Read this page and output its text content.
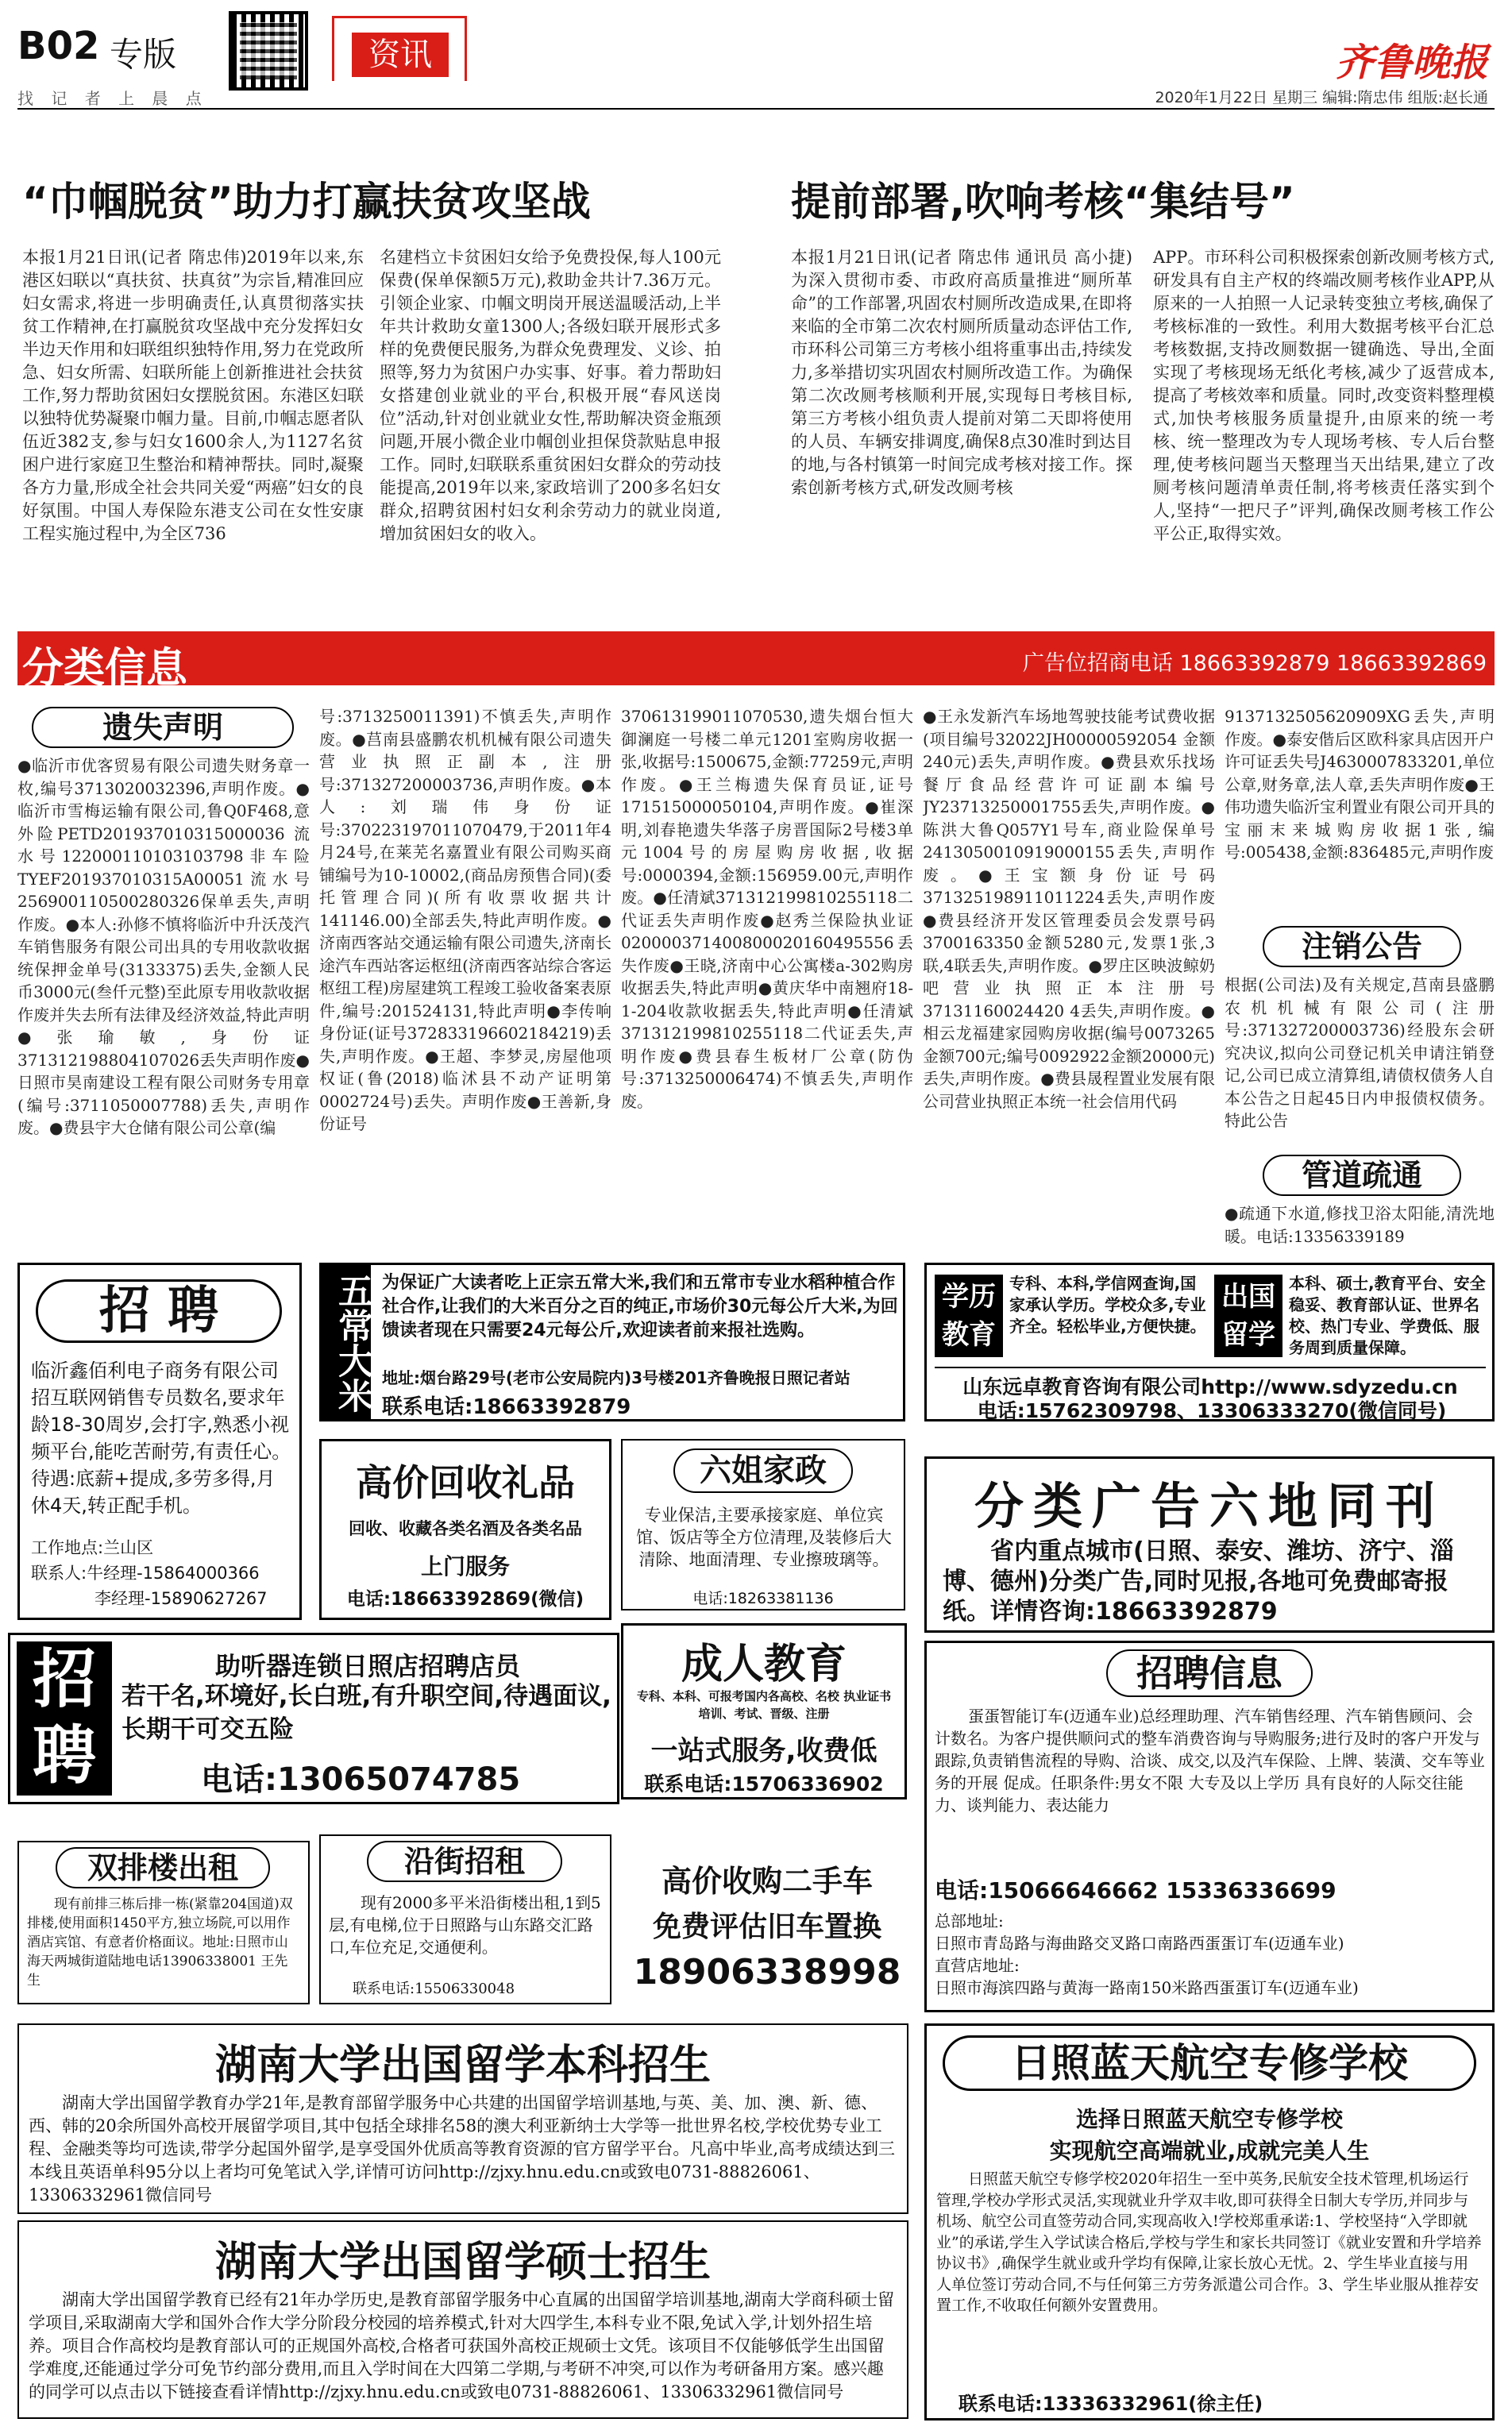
B02 专版
找 记 者 上 晨 点
资讯	齐鲁晚报
2020年1月22日 星期三 编辑:隋忠伟 组版:赵长通
“巾帼脱贫”助力打赢扶贫攻坚战
本报1月21日讯(记者 隋忠伟)2019年以来,东港区妇联以“真扶贫、扶真贫”为宗旨,精准回应妇女需求,将进一步明确责任,认真贯彻落实扶贫工作精神,在打赢脱贫攻坚战中充分发挥妇女半边天作用和妇联组织独特作用,努力在党政所急、妇女所需、妇联所能上创新推进社会扶贫工作,努力帮助贫困妇女摆脱贫困。东港区妇联以独特优势凝聚巾帼力量。目前,巾帼志愿者队伍近382支,参与妇女1600余人,为1127名贫困户进行家庭卫生整治和精神帮扶。同时,凝聚各方力量,形成全社会共同关爱“两癌”妇女的良好氛围。中国人寿保险东港支公司在女性安康工程实施过程中,为全区736
名建档立卡贫困妇女给予免费投保,每人100元保费(保单保额5万元),救助金共计7.36万元。引领企业家、巾帼文明岗开展送温暖活动,上半年共计救助女童1300人;各级妇联开展形式多样的免费便民服务,为群众免费理发、义诊、拍照等,努力为贫困户办实事、好事。着力帮助妇女搭建创业就业的平台,积极开展“春风送岗位”活动,针对创业就业女性,帮助解决资金瓶颈问题,开展小微企业巾帼创业担保贷款贴息申报工作。同时,妇联联系重贫困妇女群众的劳动技能提高,2019年以来,家政培训了200多名妇女群众,招聘贫困村妇女利余劳动力的就业岗道,增加贫困妇女的收入。
提前部署,吹响考核“集结号”
本报1月21日讯(记者 隋忠伟 通讯员 高小捷)为深入贯彻市委、市政府高质量推进“厕所革命”的工作部署,巩固农村厕所改造成果,在即将来临的全市第二次农村厕所质量动态评估工作,市环科公司第三方考核小组将重事出击,持续发力,多举措切实巩固农村厕所改造工作。为确保第二次改厕考核顺利开展,实现每日考核目标,第三方考核小组负责人提前对第二天即将使用的人员、车辆安排调度,确保8点30准时到达目的地,与各村镇第一时间完成考核对接工作。探索创新考核方式,研发改厕考核
APP。市环科公司积极探索创新改厕考核方式,研发具有自主产权的终端改厕考核作业APP,从原来的一人拍照一人记录转变独立考核,确保了考核标准的一致性。利用大数据考核平台汇总考核数据,支持改厕数据一键确选、导出,全面实现了考核现场无纸化考核,减少了返营成本,提高了考核效率和质量。同时,改变资料整理模式,加快考核服务质量提升,由原来的统一考核、统一整理改为专人现场考核、专人后台整理,使考核问题当天整理当天出结果,建立了改厕考核问题清单责任制,将考核责任落实到个人,坚持“一把尺子”评判,确保改厕考核工作公平公正,取得实效。
分类信息	广告位招商电话 18663392879 18663392869
遗失声明
●临沂市优客贸易有限公司遗失财务章一枚,编号3713020032396,声明作废。●临沂市雪梅运输有限公司,鲁Q0F468,意外险PETD201937010315000036 流水号122000110103103798非车险TYEF201937010315A00051流水号256900110500280326保单丢失,声明作废。●本人:孙修不慎将临沂中升沃茂汽车销售服务有限公司出具的专用收款收据统保押金单号(3133375)丢失,金额人民币3000元(叁仟元整)至此原专用收款收据作废并失去所有法律及经济效益,特此声明●张瑜敏,身份证371312198804107026丢失声明作废●日照市昊南建设工程有限公司财务专用章(编号:3711050007788)丢失,声明作废。●费县宇大仓储有限公司公章(编
号:3713250011391)不慎丢失,声明作废。●莒南县盛鹏农机机械有限公司遗失营业执照正副本,注册号:371327200003736,声明作废。●本人:刘瑞伟身份证号:370223197011070479,于2011年4月24号,在莱芜名嘉置业有限公司购买商铺编号为10-10002,(商品房预售合同)(委托管理合同)(所有收票收据共计141146.00)全部丢失,特此声明作废。●济南西客站交通运输有限公司遗失,济南长途汽车西站客运枢纽(济南西客站综合客运枢纽工程)房屋建筑工程竣工验收备案表原件,编号:201524131,特此声明●李传响身份证(证号372833196602184219)丢失,声明作废。●王超、李梦灵,房屋他项权证(鲁(2018)临沭县不动产证明第0002724号)丢失。声明作废●王善新,身份证号
370613199011070530,遗失烟台恒大御澜庭一号楼二单元1201室购房收据一张,收据号:1500675,金额:77259元,声明作废。●王兰梅遗失保育员证,证号171515000050104,声明作废。●崔深明,刘春艳遗失华落子房晋国际2号楼3单元1004号的房屋购房收据,收据号:0000394,金额:156959.00元,声明作废。●任清斌371312199810255118二代证丢失声明作废●赵秀兰保险执业证020000371400800020160495556丢失作废●王晓,济南中心公寓楼a-302购房收据丢失,特此声明●黄庆华中南翘府18-1-204收款收据丢失,特此声明●任清斌371312199810255118二代证丢失,声明作废●费县春生板材厂公章(防伪号:3713250006474)不慎丢失,声明作废。
●王永发新汽车场地驾驶技能考试费收据(项目编号32022JH00000592054 金额240元)丢失,声明作废。●费县欢乐找场餐厅食品经营许可证副本编号JY23713250001755丢失,声明作废。●陈洪大鲁Q057Y1号车,商业险保单号2413050010919000155丢失,声明作废。●王宝额身份证号码371325198911011224丢失,声明作废●费县经济开发区管理委员会发票号码3700163350金额5280元,发票1张,3联,4联丢失,声明作废。●罗庄区映波鲸奶吧营业执照正本注册号37131160024420 4丢失,声明作废。●相云龙福建家园购房收据(编号0073265 金额700元;编号0092922金额20000元)丢失,声明作废。●费县晟程置业发展有限公司营业执照正本统一社会信用代码
91371325056209​09XG丢失,声明作废。●泰安偕后区欧科家具店因开户许可证丢失号J4630007833201,单位公章,财务章,法人章,丢失声明作废●王伟功遗失临沂宝利置业有限公司开具的宝丽末来城购房收据1张,编号:005438,金额:836485元,声明作废
注销公告
根据(公司法)及有关规定,莒南县盛鹏农机机械有限公司(注册号:371327200003736)经股东会研究决议,拟向公司登记机关申请注销登记,公司已成立清算组,请债权债务人自本公告之日起45日内申报债权债务。特此公告
管道疏通
●疏通下水道,修找卫浴太阳能,清洗地暖。电话:13356339189
招 聘
临沂鑫佰利电子商务有限公司招互联网销售专员数名,要求年龄18-30周岁,会打字,熟悉小视频平台,能吃苦耐劳,有责任心。待遇:底薪+提成,多劳多得,月休4天,转正配手机。
工作地点:兰山区
联系人:牛经理-15864000366
李经理-15890627267
五常大米 为保证广大读者吃上正宗五常大米,我们和五常市专业水稻种植合作社合作,让我们的大米百分之百的纯正,市场价30元每公斤大米,为回馈读者现在只需要24元每公斤,欢迎读者前来报社选购。
地址:烟台路29号(老市公安局院内)3号楼201齐鲁晚报日照记者站
联系电话:18663392879
学历教育
专科、本科,学信网查询,国家承认学历。学校众多,专业齐全。轻松毕业,方便快捷。
出国留学
本科、硕士,教育平台、安全稳妥、教育部认证、世界名校、热门专业、学费低、服务周到质量保障。
山东远卓教育咨询有限公司http://www.sdyzedu.cn
电话:15762309798、13306333270(微信同号)
高价回收礼品
回收、收藏各类名酒及各类名品
上门服务
电话:18663392869(微信)
六姐家政
专业保洁,主要承接家庭、单位宾馆、饭店等全方位清理,及装修后大清除、地面清理、专业擦玻璃等。
电话:18263381136
分类广告六地同刊
省内重点城市(日照、泰安、潍坊、济宁、淄博、德州)分类广告,同时见报,各地可免费邮寄报纸。详情咨询:18663392879
招聘
助听器连锁日照店招聘店员
若干名,环境好,长白班,有升职空间,待遇面议,长期干可交五险
电话:13065074785
成人教育
专科、本科、可报考国内各高校、名校 执业证书培训、考试、晋级、注册
一站式服务,收费低
联系电话:15706336902
招聘信息
蛋蛋智能订车(迈通车业)总经理助理、汽车销售经理、汽车销售顾问、会计数名。为客户提供顺问式的整车消费咨询与导购服务;进行及时的客户开发与跟踪,负责销售流程的导购、洽谈、成交,以及汽车保险、上牌、装潢、交车等业务的开展 促成。任职条件:男女不限 大专及以上学历 具有良好的人际交往能力、谈判能力、表达能力
电话:15066646662 15336336699
总部地址:
日照市青岛路与海曲路交叉路口南路西蛋蛋订车(迈通车业)
直营店地址:
日照市海滨四路与黄海一路南150米路西蛋蛋订车(迈通车业)
双排楼出租
现有前排三栋后排一栋(紧靠204国道)双排楼,使用面积1450平方,独立场院,可以用作酒店宾馆、有意者价格面议。地址:日照市山海天两城街道陆地电话13906338001 王先生
沿街招租
现有2000多平米沿街楼出租,1到5层,有电梯,位于日照路与山东路交汇路口,车位充足,交通便利。
联系电话:15506330048
高价收购二手车
免费评估旧车置换
18906338998
湖南大学出国留学本科招生
湖南大学出国留学教育办学21年,是教育部留学服务中心共建的出国留学培训基地,与英、美、加、澳、新、德、西、韩的20余所国外高校开展留学项目,其中包括全球排名58的澳大利亚新纳士大学等一批世界名校,学校优势专业工程、金融类等均可选读,带学分起国外留学,是享受国外优质高等教育资源的官方留学平台。凡高中毕业,高考成绩达到三本线且英语单科95分以上者均可免笔试入学,详情可访问http://zjxy.hnu.edu.cn或致电0731-88826061、13306332961微信同号
湖南大学出国留学硕士招生
湖南大学出国留学教育已经有21年办学历史,是教育部留学服务中心直属的出国留学培训基地,湖南大学商科硕士留学项目,采取湖南大学和国外合作大学分阶段分校园的培养模式,针对大四学生,本科专业不限,免试入学,计划外招生培养。项目合作高校均是教育部认可的正规国外高校,合格者可获国外高校正规硕士文凭。该项目不仅能够低学生出国留学难度,还能通过学分可免节约部分费用,而且入学时间在大四第二学期,与考研不冲突,可以作为考研备用方案。感兴趣的同学可以点击以下链接查看详情http://zjxy.hnu.edu.cn或致电0731-88826061、13306332961微信同号
日照蓝天航空专修学校
选择日照蓝天航空专修学校
实现航空高端就业,成就完美人生
日照蓝天航空专修学校2020年招生一至中英务,民航安全技术管理,机场运行管理,学校办学形式灵活,实现就业升学双丰收,即可获得全日制大专学历,并同步与机场、航空公司直签劳动合同,实现高收入!学校郑重承诺:1、学校坚持“入学即就业”的承诺,学生入学试读合格后,学校与学生和家长共同签订《就业安置和升学培养协议书》,确保学生就业或升学均有保障,让家长放心无忧。2、学生毕业直接与用人单位签订劳动合同,不与任何第三方劳务派遣公司合作。3、学生毕业服从推荐安置工作,不收取任何额外安置费用。
联系电话:13336332961(徐主任)
